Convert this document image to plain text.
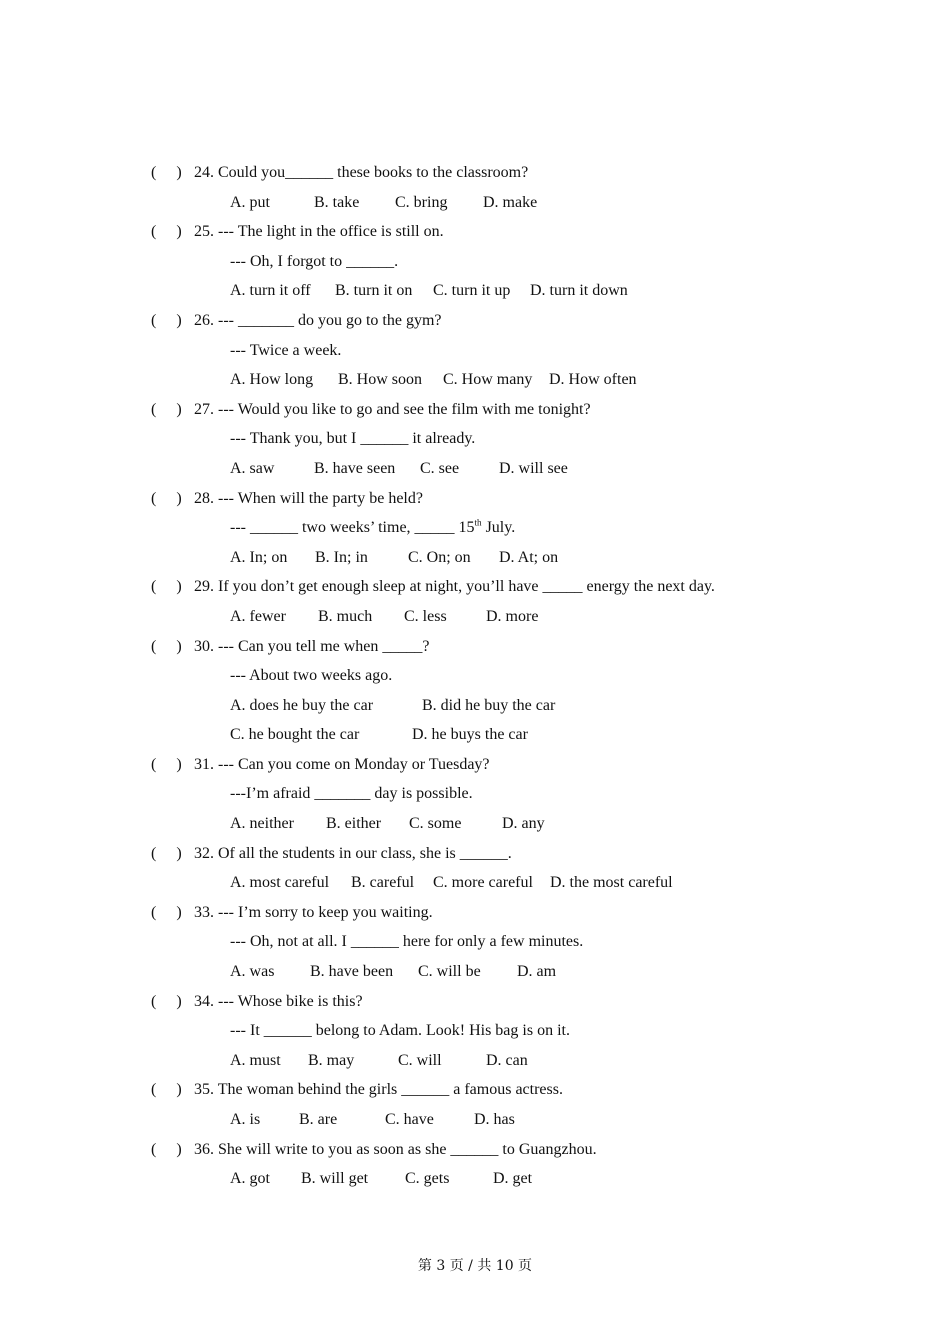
(　 ) 24. Could you______ these books to the classroom?
A. put	B. take C. bring D. make
(　 ) 25. --- The light in the office is still on.
--- Oh, I forgot to ______.
A. turn it off B. turn it on C. turn it up D. turn it down
(　 ) 26. --- _______ do you go to the gym?
--- Twice a week.
A. How long B. How soon C. How many D. How often
(　 ) 27. --- Would you like to go and see the film with me tonight?
--- Thank you, but I ______ it already.
A. saw B. have seen C. see D. will see
(　 ) 28. --- When will the party be held?
--- ______ two weeks’ time, _____ 15th July.
A. In; on B. In; in	C. On; on D. At; on
(　 ) 29. If you don’t get enough sleep at night, you’ll have _____ energy the next day.
A. fewer B. much C. less D. more
(　 ) 30. --- Can you tell me when _____?
--- About two weeks ago.
A. does he buy the car	B. did he buy the car
C. he bought the car	D. he buys the car
(　 ) 31. --- Can you come on Monday or Tuesday?
---I’m afraid _______ day is possible.
A. neither B. either C. some	D. any
(　 ) 32. Of all the students in our class, she is ______.
A. most careful B. careful C. more careful D. the most careful
(　 ) 33. --- I’m sorry to keep you waiting.
--- Oh, not at all. I ______ here for only a few minutes.
A. was B. have been C. will be D. am
(　 ) 34. --- Whose bike is this?
--- It ______ belong to Adam. Look! His bag is on it.
A. must B. may	C. will	D. can
(　 ) 35. The woman behind the girls ______ a famous actress.
A. is B. are	C. have	D. has
(　 ) 36. She will write to you as soon as she ______ to Guangzhou.
A. got B. will get C. gets	D. get
第 3 页 / 共 10 页
